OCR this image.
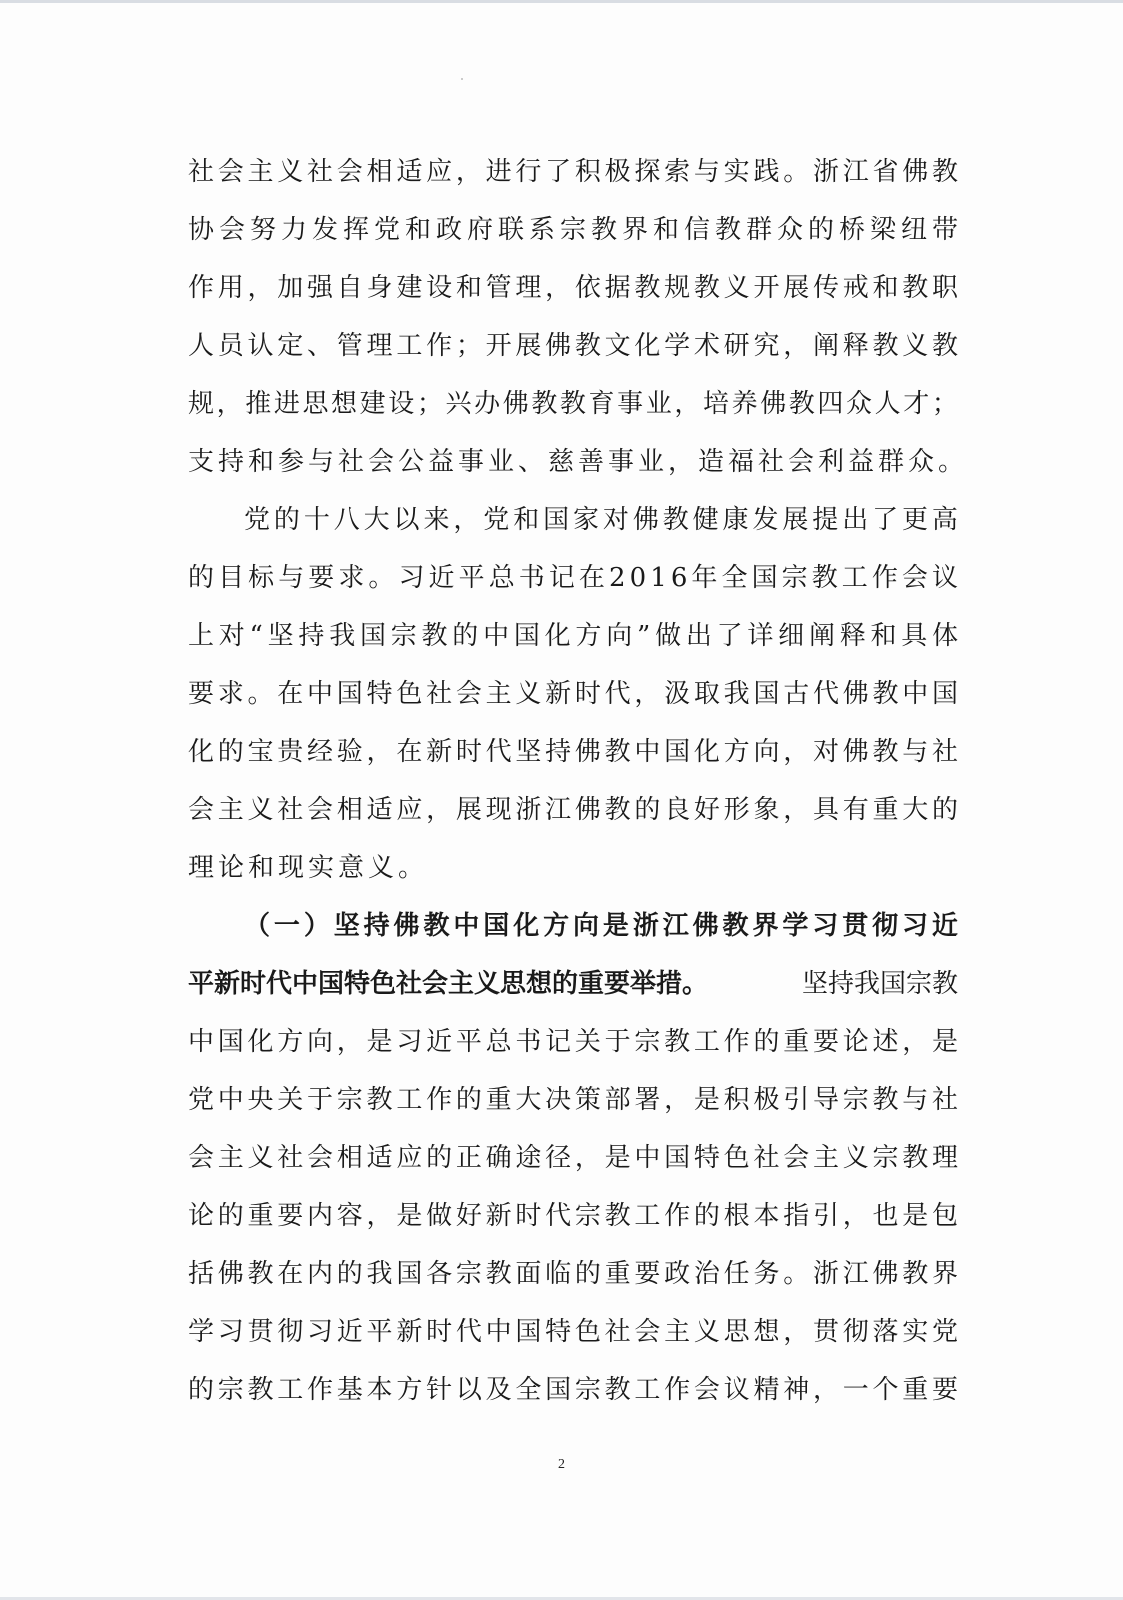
社会主义社会相适应，进行了积极探索与实践。浙江省佛教
协会努力发挥党和政府联系宗教界和信教群众的桥梁纽带
作用，加强自身建设和管理，依据教规教义开展传戒和教职
人员认定、管理工作；开展佛教文化学术研究，阐释教义教
规，推进思想建设；兴办佛教教育事业，培养佛教四众人才；
支持和参与社会公益事业、慈善事业，造福社会利益群众。
党的十八大以来，党和国家对佛教健康发展提出了更高
的目标与要求。习近平总书记在2016年全国宗教工作会议
上对“坚持我国宗教的中国化方向”做出了详细阐释和具体
要求。在中国特色社会主义新时代，汲取我国古代佛教中国
化的宝贵经验，在新时代坚持佛教中国化方向，对佛教与社
会主义社会相适应，展现浙江佛教的良好形象，具有重大的
理论和现实意义。
（一）坚持佛教中国化方向是浙江佛教界学习贯彻习近
平新时代中国特色社会主义思想的重要举措。	坚持我国宗教
中国化方向，是习近平总书记关于宗教工作的重要论述，是
党中央关于宗教工作的重大决策部署，是积极引导宗教与社
会主义社会相适应的正确途径，是中国特色社会主义宗教理
论的重要内容，是做好新时代宗教工作的根本指引，也是包
括佛教在内的我国各宗教面临的重要政治任务。浙江佛教界
学习贯彻习近平新时代中国特色社会主义思想，贯彻落实党
的宗教工作基本方针以及全国宗教工作会议精神，一个重要
2
